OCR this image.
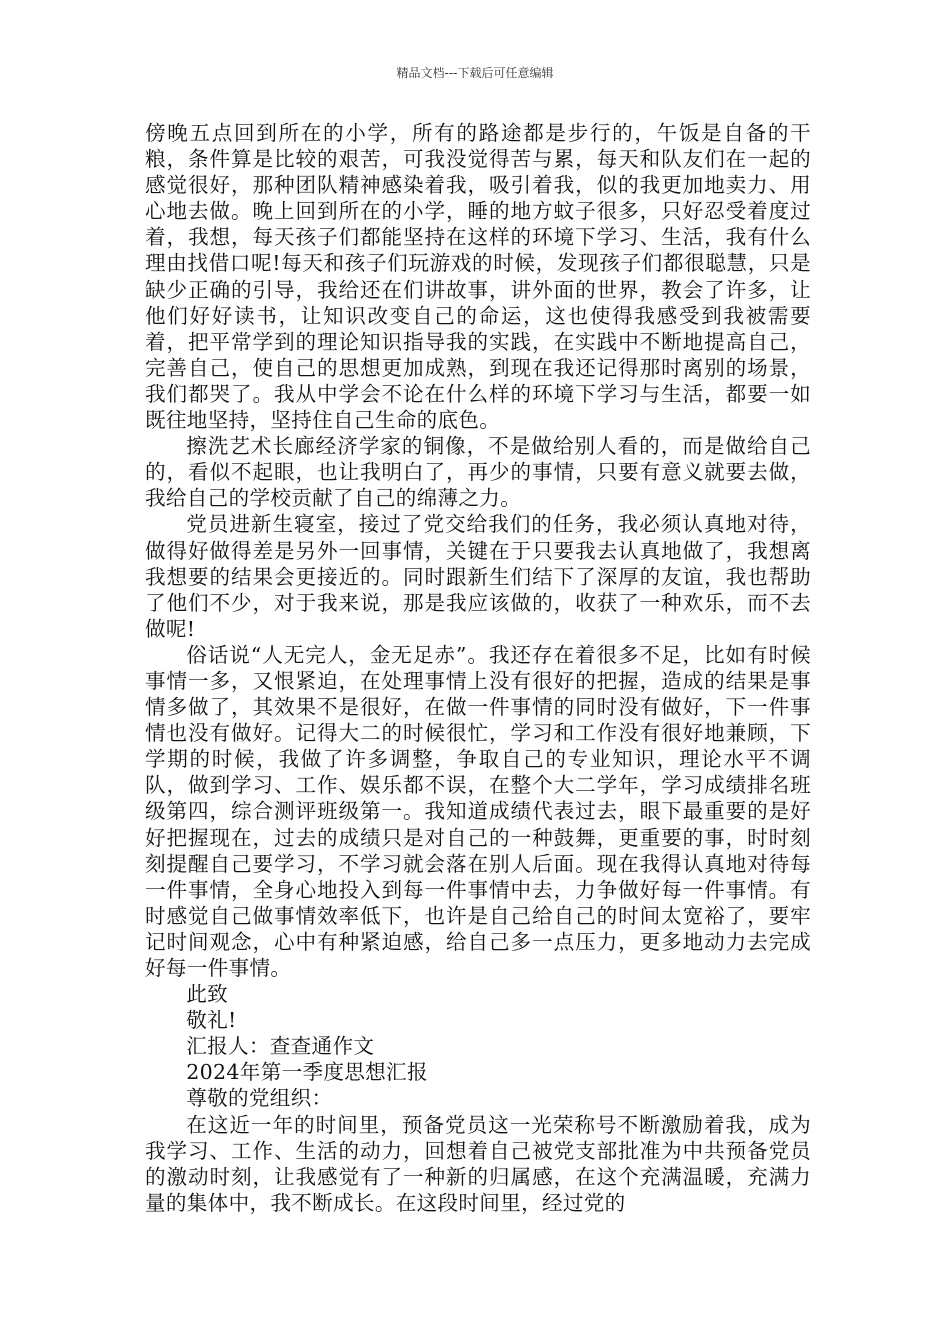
精品文档---下载后可任意编辑

傍晚五点回到所在的小学，所有的路途都是步行的，午饭是自备的干粮，条件算是比较的艰苦，可我没觉得苦与累，每天和队友们在一起的感觉很好，那种团队精神感染着我，吸引着我，似的我更加地卖力、用心地去做。晚上回到所在的小学，睡的地方蚊子很多，只好忍受着度过着，我想，每天孩子们都能坚持在这样的环境下学习、生活，我有什么理由找借口呢!每天和孩子们玩游戏的时候，发现孩子们都很聪慧，只是缺少正确的引导，我给还在们讲故事，讲外面的世界，教会了许多，让他们好好读书，让知识改变自己的命运，这也使得我感受到我被需要着，把平常学到的理论知识指导我的实践，在实践中不断地提高自己，完善自己，使自己的思想更加成熟，到现在我还记得那时离别的场景，我们都哭了。我从中学会不论在什么样的环境下学习与生活，都要一如既往地坚持，坚持住自己生命的底色。

擦洗艺术长廊经济学家的铜像，不是做给别人看的，而是做给自己的，看似不起眼，也让我明白了，再少的事情，只要有意义就要去做，我给自己的学校贡献了自己的绵薄之力。

党员进新生寝室，接过了党交给我们的任务，我必须认真地对待，做得好做得差是另外一回事情，关键在于只要我去认真地做了，我想离我想要的结果会更接近的。同时跟新生们结下了深厚的友谊，我也帮助了他们不少，对于我来说，那是我应该做的，收获了一种欢乐，而不去做呢!

俗话说“人无完人，金无足赤”。我还存在着很多不足，比如有时候事情一多，又恨紧迫，在处理事情上没有很好的把握，造成的结果是事情多做了，其效果不是很好，在做一件事情的同时没有做好，下一件事情也没有做好。记得大二的时候很忙，学习和工作没有很好地兼顾，下学期的时候，我做了许多调整，争取自己的专业知识，理论水平不调队，做到学习、工作、娱乐都不误，在整个大二学年，学习成绩排名班级第四，综合测评班级第一。我知道成绩代表过去，眼下最重要的是好好把握现在，过去的成绩只是对自己的一种鼓舞，更重要的事，时时刻刻提醒自己要学习，不学习就会落在别人后面。现在我得认真地对待每一件事情，全身心地投入到每一件事情中去，力争做好每一件事情。有时感觉自己做事情效率低下，也许是自己给自己的时间太宽裕了，要牢记时间观念，心中有种紧迫感，给自己多一点压力，更多地动力去完成好每一件事情。

此致

敬礼!

汇报人：查查通作文

2024年第一季度思想汇报

尊敬的党组织：

在这近一年的时间里，预备党员这一光荣称号不断激励着我，成为我学习、工作、生活的动力，回想着自己被党支部批准为中共预备党员的激动时刻，让我感觉有了一种新的归属感，在这个充满温暖，充满力量的集体中，我不断成长。在这段时间里，经过党的
